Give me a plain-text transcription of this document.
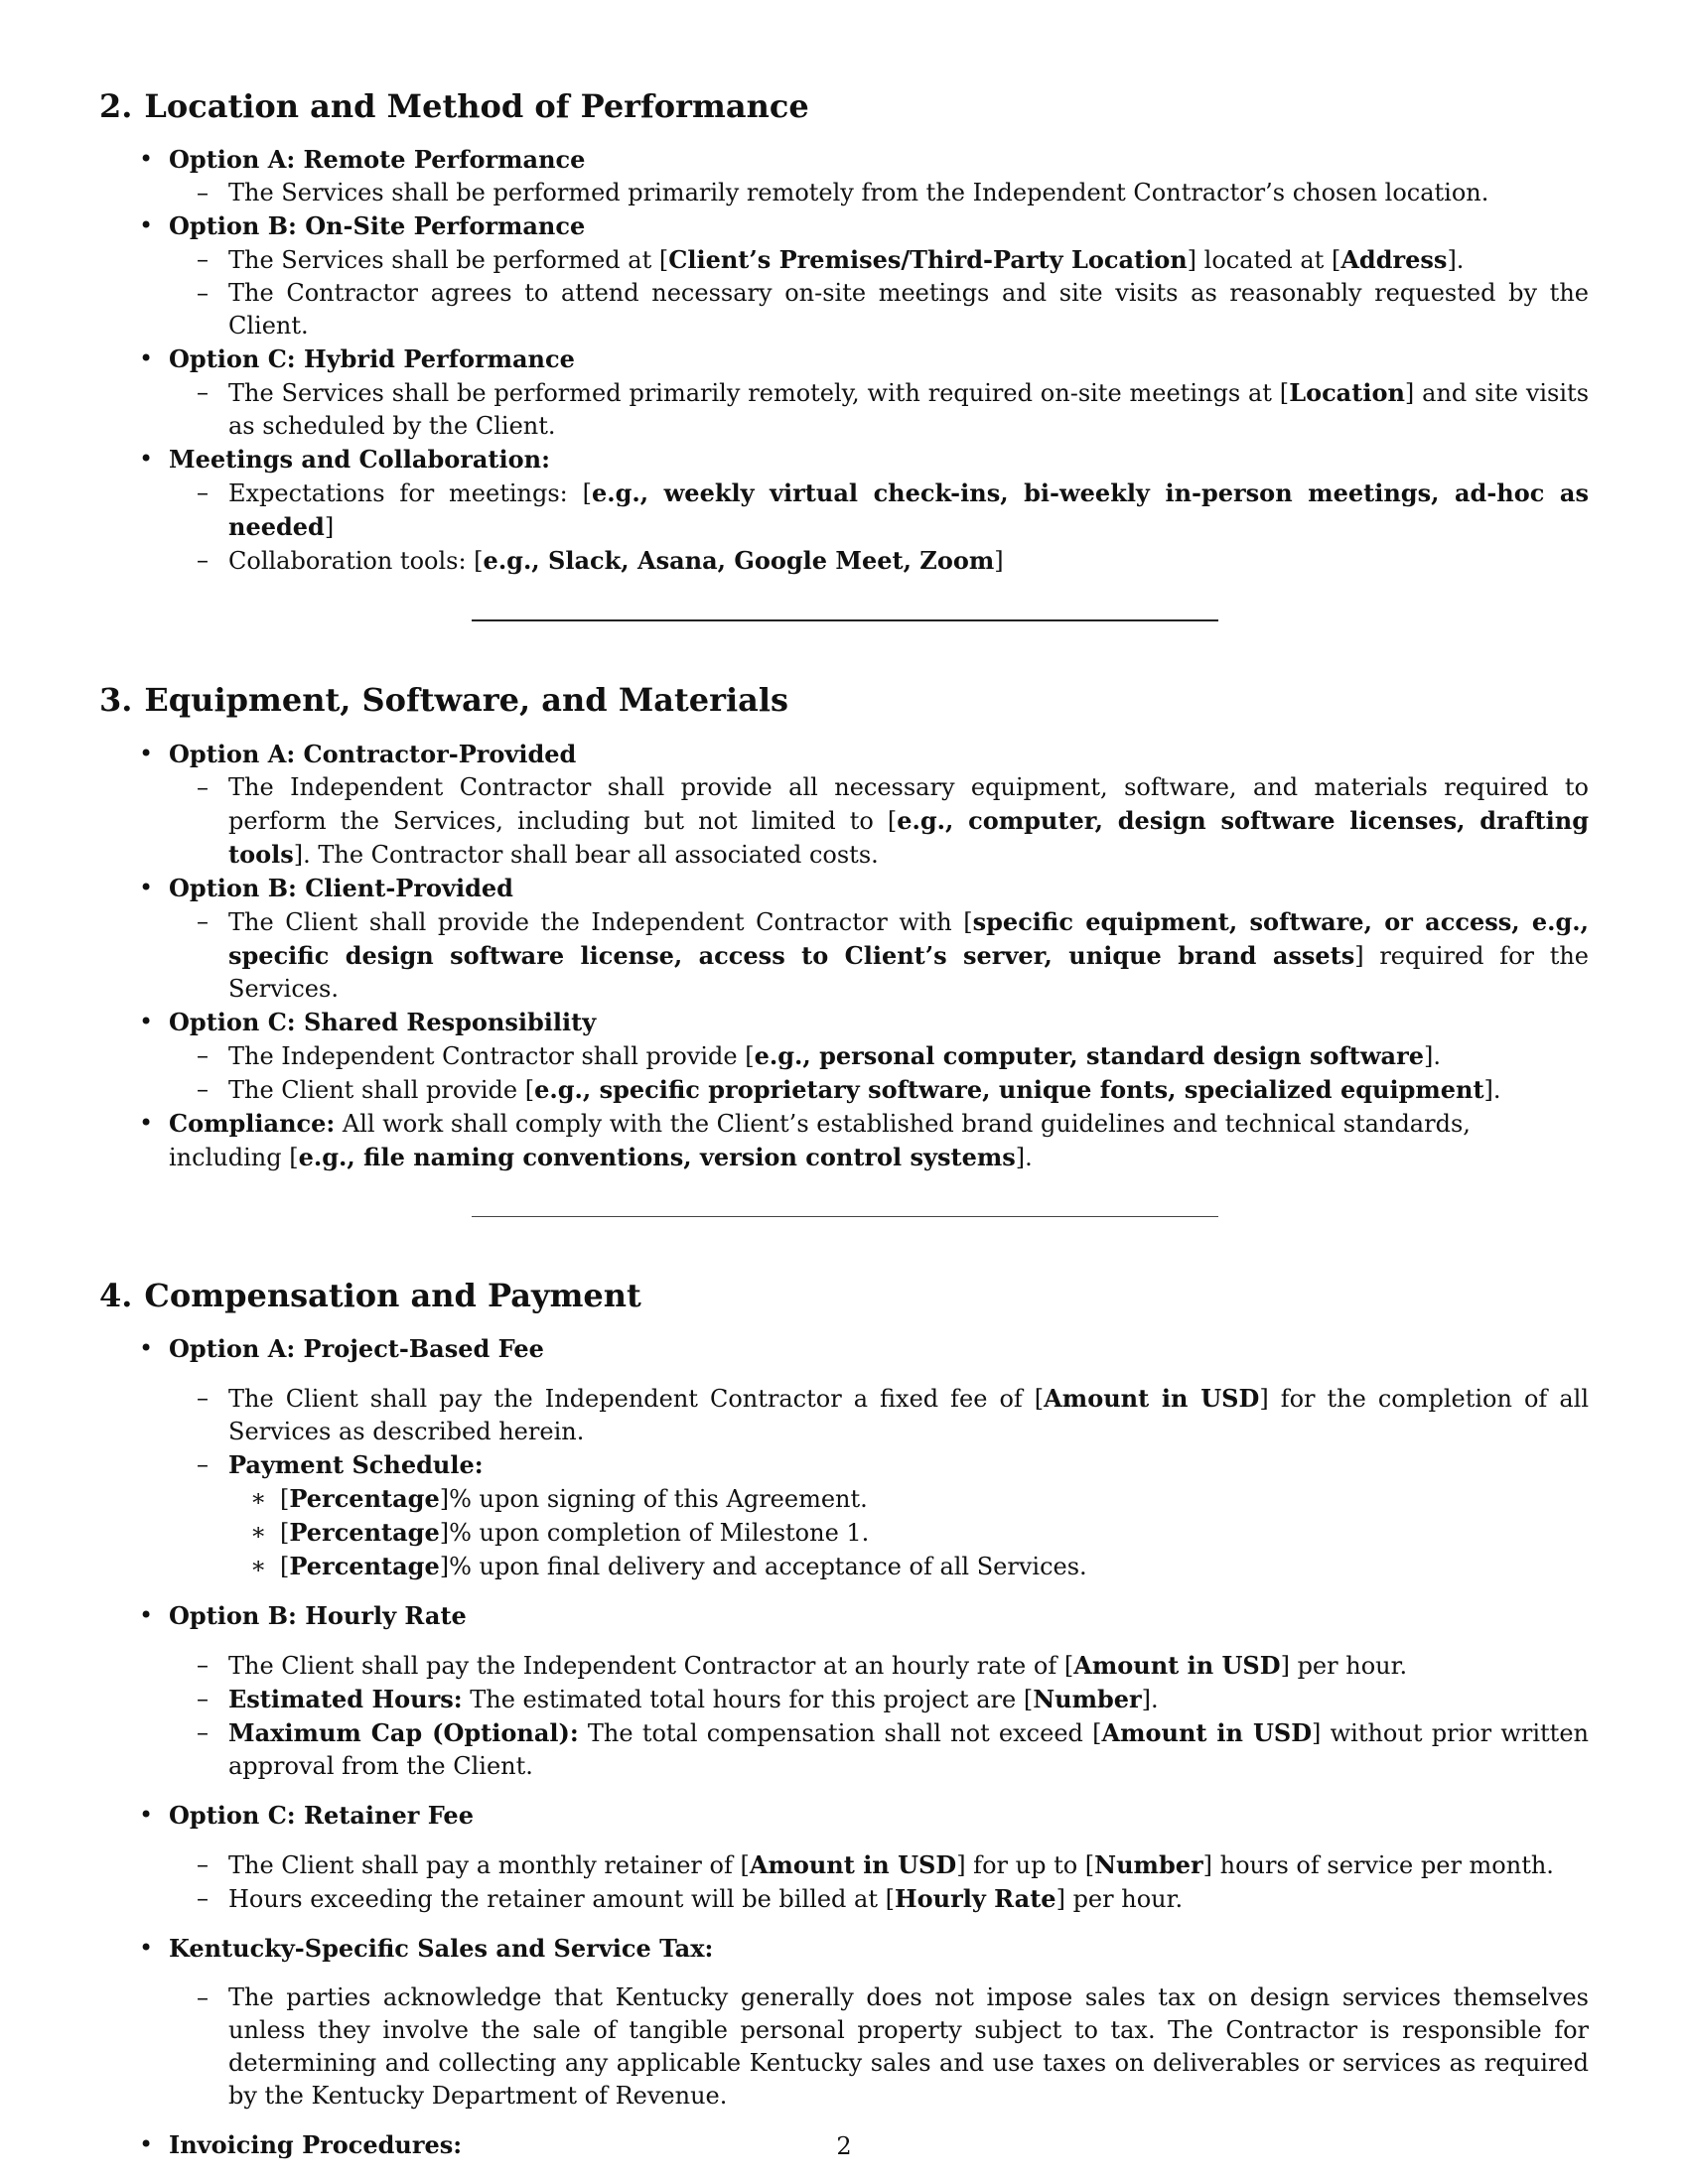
2. Location and Method of Performance
• Option A: Remote Performance
– The Services shall be performed primarily remotely from the Independent Contractor’s chosen location.
• Option B: On-Site Performance
– The Services shall be performed at [Client’s Premises/Third-Party Location] located at [Address].
– The Contractor agrees to attend necessary on-site meetings and site visits as reasonably requested by the Client.
• Option C: Hybrid Performance
– The Services shall be performed primarily remotely, with required on-site meetings at [Location] and site visits as scheduled by the Client.
• Meetings and Collaboration:
– Expectations for meetings: [e.g., weekly virtual check-ins, bi-weekly in-person meetings, ad-hoc as needed]
– Collaboration tools: [e.g., Slack, Asana, Google Meet, Zoom]
3. Equipment, Software, and Materials
• Option A: Contractor-Provided
– The Independent Contractor shall provide all necessary equipment, software, and materials required to perform the Services, including but not limited to [e.g., computer, design software licenses, drafting tools]. The Contractor shall bear all associated costs.
• Option B: Client-Provided
– The Client shall provide the Independent Contractor with [specific equipment, software, or access, e.g., specific design software license, access to Client’s server, unique brand assets] required for the Services.
• Option C: Shared Responsibility
– The Independent Contractor shall provide [e.g., personal computer, standard design software].
– The Client shall provide [e.g., specific proprietary software, unique fonts, specialized equipment].
• Compliance: All work shall comply with the Client’s established brand guidelines and technical standards, including [e.g., file naming conventions, version control systems].
4. Compensation and Payment
• Option A: Project-Based Fee
– The Client shall pay the Independent Contractor a fixed fee of [Amount in USD] for the completion of all Services as described herein.
– Payment Schedule:
∗ [Percentage]% upon signing of this Agreement.
∗ [Percentage]% upon completion of Milestone 1.
∗ [Percentage]% upon final delivery and acceptance of all Services.
• Option B: Hourly Rate
– The Client shall pay the Independent Contractor at an hourly rate of [Amount in USD] per hour.
– Estimated Hours: The estimated total hours for this project are [Number].
– Maximum Cap (Optional): The total compensation shall not exceed [Amount in USD] without prior written approval from the Client.
• Option C: Retainer Fee
– The Client shall pay a monthly retainer of [Amount in USD] for up to [Number] hours of service per month.
– Hours exceeding the retainer amount will be billed at [Hourly Rate] per hour.
• Kentucky-Specific Sales and Service Tax:
– The parties acknowledge that Kentucky generally does not impose sales tax on design services themselves unless they involve the sale of tangible personal property subject to tax. The Contractor is responsible for determining and collecting any applicable Kentucky sales and use taxes on deliverables or services as required by the Kentucky Department of Revenue.
• Invoicing Procedures:	2
